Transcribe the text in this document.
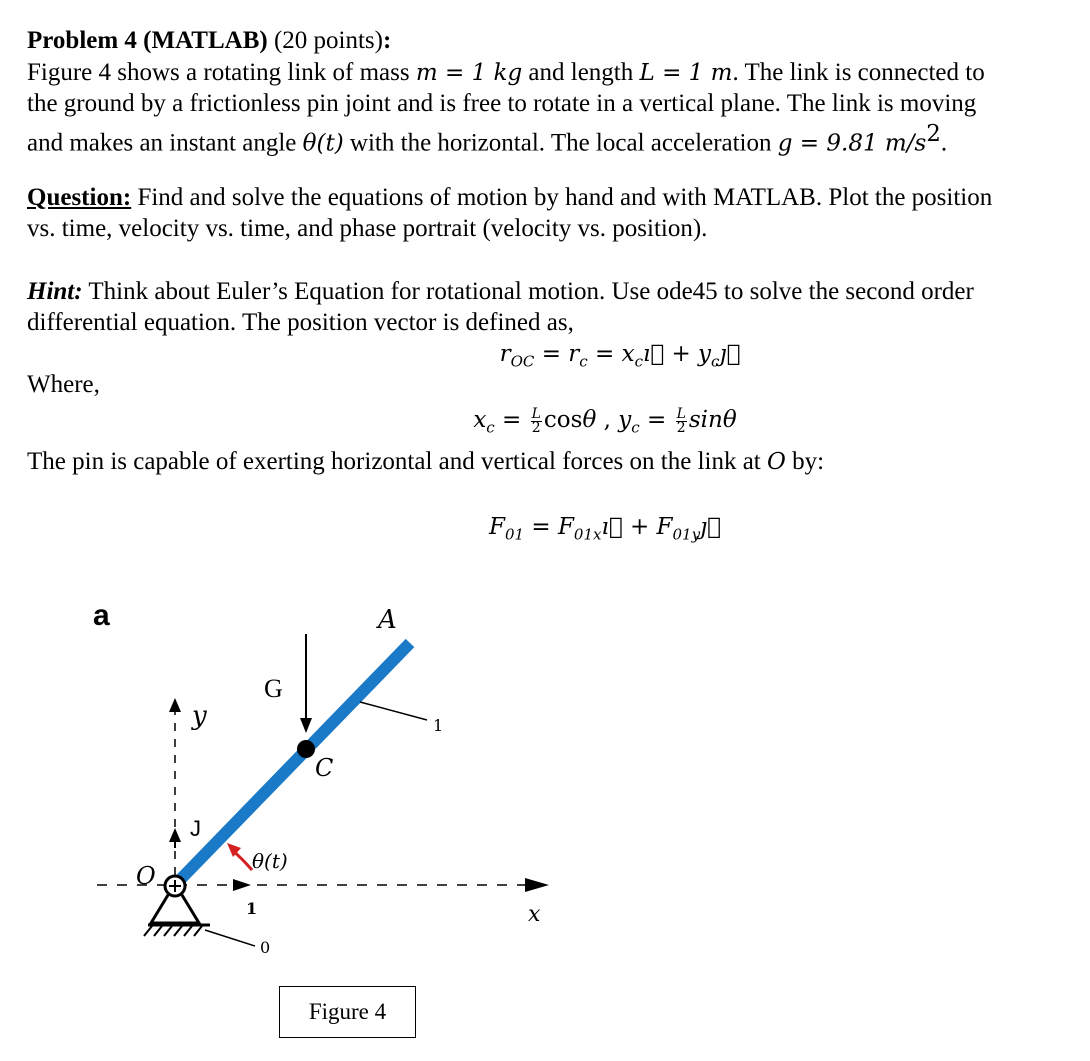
Problem 4 (MATLAB) (20 points):
Figure 4 shows a rotating link of mass m = 1 kg and length L = 1 m. The link is connected to
the ground by a frictionless pin joint and is free to rotate in a vertical plane. The link is moving
and makes an instant angle θ(t) with the horizontal. The local acceleration g = 9.81 $m/s^2$.
Question: Find and solve the equations of motion by hand and with MATLAB. Plot the position
vs. time, velocity vs. time, and phase portrait (velocity vs. position).
Hint: Think about Euler’s Equation for rotational motion. Use ode45 to solve the second order
differential equation. The position vector is defined as,
$r_{OC} = r_c$ = $x_cı⃗$ + $y_cȷ⃗$
Where,
$x_c = \frac{L}{2}$ cosθ , $y_c = \frac{L}{2}$ sinθ
The pin is capable of exerting horizontal and vertical forces on the link at O by:
$F_{01}$ = $F_{01x}ı⃗$ + $F_{01y}ȷ⃗$
a
y
J
x
1
A
G
C
1
θ(t)
O
0
Figure 4
